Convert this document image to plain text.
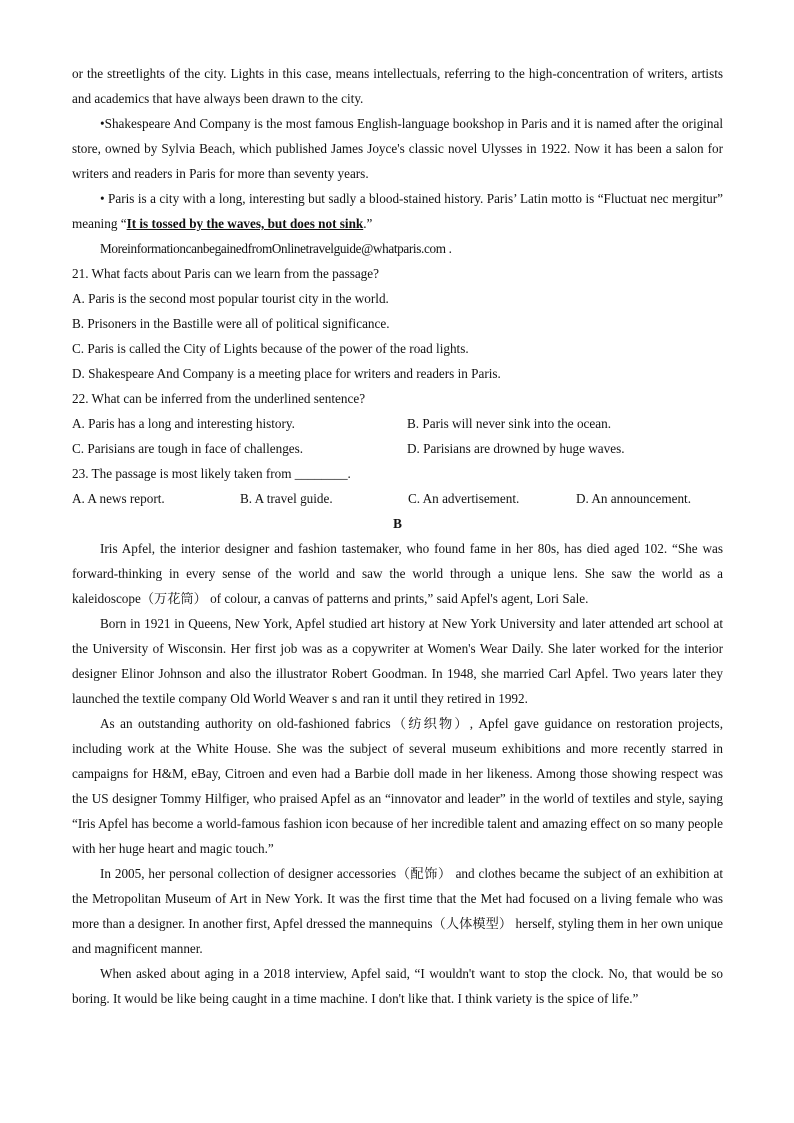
or the streetlights of the city. Lights in this case, means intellectuals, referring to the high-concentration of writers, artists and academics that have always been drawn to the city.

•Shakespeare And Company is the most famous English-language bookshop in Paris and it is named after the original store, owned by Sylvia Beach, which published James Joyce's classic novel Ulysses in 1922. Now it has been a salon for writers and readers in Paris for more than seventy years.

• Paris is a city with a long, interesting but sadly a blood-stained history. Paris’ Latin motto is “Fluctuat nec mergitur” meaning “It is tossed by the waves, but does not sink.”

MoreinformationcanbegainedfromOnlinetravelguide@whatparis.com .

21. What facts about Paris can we learn from the passage?

A. Paris is the second most popular tourist city in the world.

B. Prisoners in the Bastille were all of political significance.

C. Paris is called the City of Lights because of the power of the road lights.

D. Shakespeare And Company is a meeting place for writers and readers in Paris.

22. What can be inferred from the underlined sentence?

A. Paris has a long and interesting history.	B. Paris will never sink into the ocean.
C. Parisians are tough in face of challenges.	D. Parisians are drowned by huge waves.

23. The passage is most likely taken from ________.

A. A news report.	B. A travel guide.	C. An advertisement.	D. An announcement.

B

Iris Apfel, the interior designer and fashion tastemaker, who found fame in her 80s, has died aged 102. “She was forward-thinking in every sense of the world and saw the world through a unique lens. She saw the world as a kaleidoscope（万花筒） of colour, a canvas of patterns and prints,” said Apfel's agent, Lori Sale.

Born in 1921 in Queens, New York, Apfel studied art history at New York University and later attended art school at the University of Wisconsin. Her first job was as a copywriter at Women's Wear Daily. She later worked for the interior designer Elinor Johnson and also the illustrator Robert Goodman. In 1948, she married Carl Apfel. Two years later they launched the textile company Old World Weaver s and ran it until they retired in 1992.

As an outstanding authority on old-fashioned fabrics（纺织物）, Apfel gave guidance on restoration projects, including work at the White House. She was the subject of several museum exhibitions and more recently starred in campaigns for H&M, eBay, Citroen and even had a Barbie doll made in her likeness. Among those showing respect was the US designer Tommy Hilfiger, who praised Apfel as an “innovator and leader” in the world of textiles and style, saying “Iris Apfel has become a world-famous fashion icon because of her incredible talent and amazing effect on so many people with her huge heart and magic touch.”

In 2005, her personal collection of designer accessories（配饰） and clothes became the subject of an exhibition at the Metropolitan Museum of Art in New York. It was the first time that the Met had focused on a living female who was more than a designer. In another first, Apfel dressed the mannequins（人体模型） herself, styling them in her own unique and magnificent manner.

When asked about aging in a 2018 interview, Apfel said, “I wouldn't want to stop the clock. No, that would be so boring. It would be like being caught in a time machine. I don't like that. I think variety is the spice of life.”
